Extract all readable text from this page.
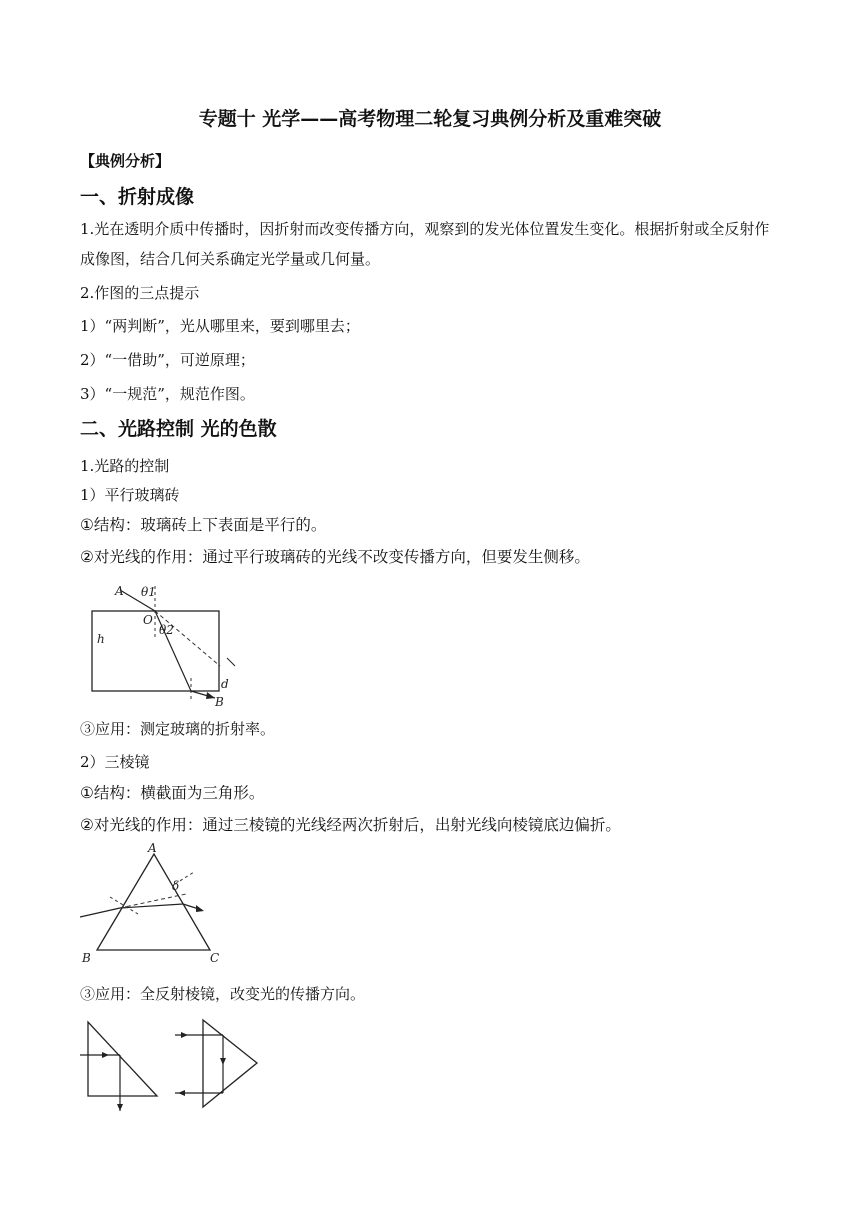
专题十 光学——高考物理二轮复习典例分析及重难突破
【典例分析】
一、折射成像
1.光在透明介质中传播时，因折射而改变传播方向，观察到的发光体位置发生变化。根据折射或全反射作成像图，结合几何关系确定光学量或几何量。
2.作图的三点提示
1）“两判断”，光从哪里来，要到哪里去；
2）“一借助”，可逆原理；
3）“一规范”，规范作图。
二、光路控制 光的色散
1.光路的控制
1）平行玻璃砖
①结构：玻璃砖上下表面是平行的。
②对光线的作用：通过平行玻璃砖的光线不改变传播方向，但要发生侧移。
A θ1
O
θ2
h
d
B
③应用：测定玻璃的折射率。
2）三棱镜
①结构：横截面为三角形。
②对光线的作用：通过三棱镜的光线经两次折射后，出射光线向棱镜底边偏折。
A
δ
B	C
③应用：全反射棱镜，改变光的传播方向。
